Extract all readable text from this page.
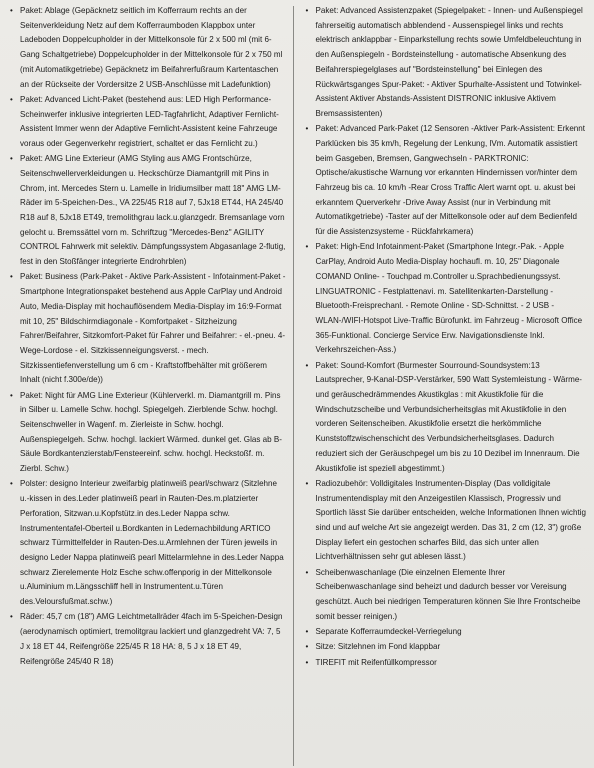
• Paket: Ablage (Gepäcknetz seitlich im Kofferraum rechts an der Seitenverkleidung Netz auf dem Kofferraumboden Klappbox unter Ladeboden Doppelcupholder in der Mittelkonsole für 2 x 500 ml (mit 6-Gang Schaltgetriebe) Doppelcupholder in der Mittelkonsole für 2 x 750 ml (mit Automatikgetriebe) Gepäcknetz im Beifahrerfußraum Kartentaschen an der Rückseite der Vordersitze 2 USB-Anschlüsse mit Ladefunktion)
• Paket: Advanced Licht-Paket (bestehend aus: LED High Performance-Scheinwerfer inklusive integrierten LED-Tagfahrlicht, Adaptiver Fernlicht-Assistent Immer wenn der Adaptive Fernlicht-Assistent keine Fahrzeuge voraus oder Gegenverkehr registriert, schaltet er das Fernlicht zu.)
• Paket: AMG Line Exterieur (AMG Styling aus AMG Frontschürze, Seitenschwellerverkleidungen u. Heckschürze Diamantgrill mit Pins in Chrom, int. Mercedes Stern u. Lamelle in Iridiumsilber matt 18" AMG LM-Räder im 5-Speichen-Des., VA 225/45 R18 auf 7, 5Jx18 ET44, HA 245/40 R18 auf 8, 5Jx18 ET49, tremolithgrau lack.u.glanzgedr. Bremsanlage vorn gelocht u. Bremssättel vorn m. Schriftzug "Mercedes-Benz" AGILITY CONTROL Fahrwerk mit selektiv. Dämpfungssystem Abgasanlage 2-flutig, fest in den Stoßfänger integrierte Endrohrblen)
• Paket: Business (Park-Paket - Aktive Park-Assistent - Infotainment-Paket - Smartphone Integrationspaket bestehend aus Apple CarPlay und Android Auto, Media-Display mit hochauflösendem Media-Display im 16:9-Format mit 10, 25" Bildschirmdiagonale - Komfortpaket - Sitzheizung Fahrer/Beifahrer, Sitzkomfort-Paket für Fahrer und Beifahrer: - el.-pneu. 4-Wege-Lordose - el. Sitzkissenneigungsverst. - mech. Sitzkissentiefenverstellung um 6 cm - Kraftstoffbehälter mit größerem Inhalt (nicht f.300e/de))
• Paket: Night für AMG Line Exterieur (Kühlerverkl. m. Diamantgrill m. Pins in Silber u. Lamelle Schw. hochgl. Spiegelgeh. Zierblende Schw. hochgl. Seitenschweller in Wagenf. m. Zierleiste in Schw. hochgl. Außenspiegelgeh. Schw. hochgl. lackiert Wärmed. dunkel get. Glas ab B-Säule Bordkantenzierstab/Fensteereinf. schw. hochgl. Heckstoßf. m. Zierbl. Schw.)
• Polster: designo Interieur zweifarbig platinweiß pearl/schwarz (Sitzlehne u.-kissen in des.Leder platinweiß pearl in Rauten-Des.m.platzierter Perforation, Sitzwan.u.Kopfstütz.in des.Leder Nappa schw. Instrumententafel-Oberteil u.Bordkanten in Ledernachbildung ARTICO schwarz Türmittelfelder in Rauten-Des.u.Armlehnen der Türen jeweils in designo Leder Nappa platinweiß pearl Mittelarmlehne in des.Leder Nappa schwarz Zierelemente Holz Esche schw.offenporig in der Mittelkonsole u.Aluminium m.Längsschliff hell in Instrumentent.u.Türen des.Veloursfußmat.schw.)
• Räder: 45,7 cm (18") AMG Leichtmetallräder 4fach im 5-Speichen-Design (aerodynamisch optimiert, tremolitgrau lackiert und glanzgedreht VA: 7, 5 J x 18 ET 44, Reifengröße 225/45 R 18 HA: 8, 5 J x 18 ET 49, Reifengröße 245/40 R 18)
• Paket: Advanced Assistenzpaket (Spiegelpaket: - Innen- und Außenspiegel fahrerseitig automatisch abblendend - Aussenspiegel links und rechts elektrisch anklappbar - Einparkstellung rechts sowie Umfeldbeleuchtung in den Außenspiegeln - Bordsteinstellung - automatische Absenkung des Beifahrerspiegelglases auf "Bordsteinstellung" bei Einlegen des Rückwärtsganges Spur-Paket: - Aktiver Spurhalte-Assistent und Totwinkel-Assistent Aktiver Abstands-Assistent DISTRONIC inklusive Aktivem Bremsassistenten)
• Paket: Advanced Park-Paket (12 Sensoren -Aktiver Park-Assistent: Erkennt Parklücken bis 35 km/h, Regelung der Lenkung, lVm. Automatik assistiert beim Gasgeben, Bremsen, Gangwechseln - PARKTRONIC: Optische/akustische Warnung vor erkannten Hindernissen vor/hinter dem Fahrzeug bis ca. 10 km/h -Rear Cross Traffic Alert warnt opt. u. akust bei erkanntem Querverkehr -Drive Away Assist (nur in Verbindung mit Automatikgetriebe) -Taster auf der Mittelkonsole oder auf dem Bedienfeld für die Assistenzsysteme - Rückfahrkamera)
• Paket: High-End Infotainment-Paket (Smartphone Integr.-Pak. - Apple CarPlay, Android Auto Media-Display hochaufl. m. 10, 25" Diagonale COMAND Online- - Touchpad m.Controller u.Sprachbedienungssyst. LINGUATRONIC - Festplattenavi. m. Satellitenkarten-Darstellung - Bluetooth-Freisprechanl. - Remote Online - SD-Schnittst. - 2 USB - WLAN-/WIFI-Hotspot Live-Traffic Bürofunkt. im Fahrzeug - Microsoft Office 365-Funktional. Concierge Service Erw. Navigationsdienste Inkl. Verkehrszeichen-Ass.)
• Paket: Sound-Komfort (Burmester Sourround-Soundsystem:13 Lautsprecher, 9-Kanal-DSP-Verstärker, 590 Watt Systemleistung - Wärme- und geräuschedrämmendes Akustikglas : mit Akustikfolie für die Windschutzscheibe und Verbundsicherheitsglas mit Akustikfolie in den vorderen Seitenscheiben. Akustikfolie ersetzt die herkömmliche Kunststoffzwischenschicht des Verbundsicherheitsglases. Dadurch reduziert sich der Geräuschpegel um bis zu 10 Dezibel im Innenraum. Die Akustikfolie ist speziell abgestimmt.)
• Radiozubehör: Volldigitales Instrumenten-Display (Das volldigitale Instrumentendisplay mit den Anzeigestilen Klassisch, Progressiv und Sportlich lässt Sie darüber entscheiden, welche Informationen Ihnen wichtig sind und auf welche Art sie angezeigt werden. Das 31, 2 cm (12, 3") große Display liefert ein gestochen scharfes Bild, das sich unter allen Lichtverhältnissen sehr gut ablesen lässt.)
• Scheibenwaschanlage (Die einzelnen Elemente Ihrer Scheibenwaschanlage sind beheizt und dadurch besser vor Vereisung geschützt. Auch bei niedrigen Temperaturen können Sie Ihre Frontscheibe somit besser reinigen.)
• Separate Kofferraumdeckel-Verriegelung
• Sitze: Sitzlehnen im Fond klappbar
• TIREFIT mit Reifenfüllkompressor
